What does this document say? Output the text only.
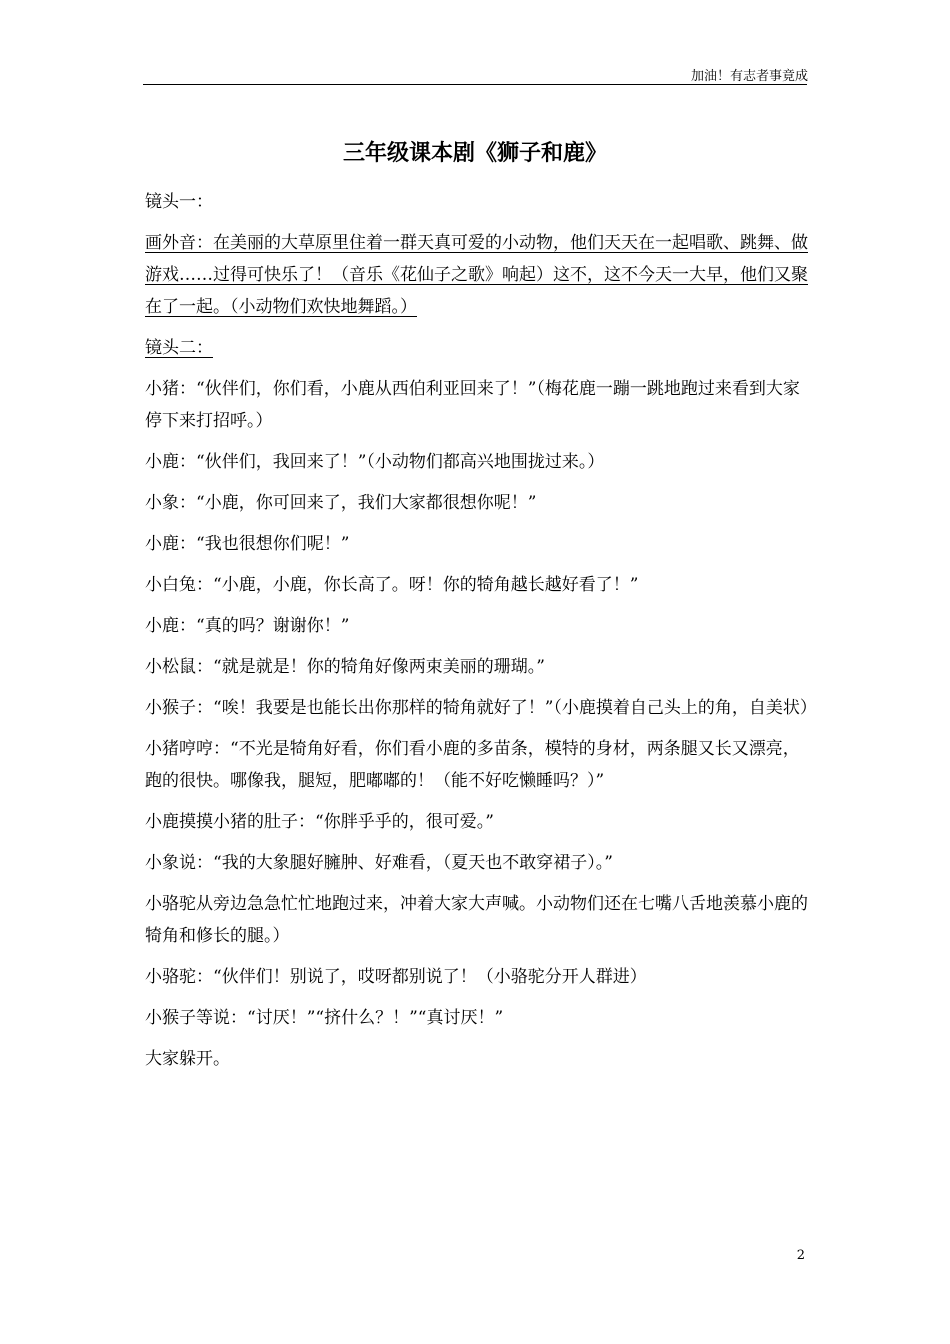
加油！有志者事竟成
三年级课本剧《狮子和鹿》

镜头一：

画外音：在美丽的大草原里住着一群天真可爱的小动物，他们天天在一起唱歌、跳舞、做游戏……过得可快乐了！（音乐《花仙子之歌》响起）这不，这不今天一大早，他们又聚在了一起。（小动物们欢快地舞蹈。）

镜头二：

小猪：“伙伴们，你们看，小鹿从西伯利亚回来了！”（梅花鹿一蹦一跳地跑过来看到大家停下来打招呼。）

小鹿：“伙伴们，我回来了！”（小动物们都高兴地围拢过来。）

小象：“小鹿，你可回来了，我们大家都很想你呢！”

小鹿：“我也很想你们呢！”

小白兔：“小鹿，小鹿，你长高了。呀！你的犄角越长越好看了！”

小鹿：“真的吗？谢谢你！”

小松鼠：“就是就是！你的犄角好像两束美丽的珊瑚。”

小猴子：“唉！我要是也能长出你那样的犄角就好了！”（小鹿摸着自己头上的角，自美状）

小猪哼哼：“不光是犄角好看，你们看小鹿的多苗条，模特的身材，两条腿又长又漂亮，跑的很快。哪像我，腿短，肥嘟嘟的！（能不好吃懒睡吗？）”

小鹿摸摸小猪的肚子：“你胖乎乎的，很可爱。”

小象说：“我的大象腿好臃肿、好难看，（夏天也不敢穿裙子）。”

小骆驼从旁边急急忙忙地跑过来，冲着大家大声喊。小动物们还在七嘴八舌地羡慕小鹿的犄角和修长的腿。）

小骆驼：“伙伴们！别说了，哎呀都别说了！（小骆驼分开人群进）

小猴子等说：“讨厌！”“挤什么？！”“真讨厌！”

大家躲开。

2
